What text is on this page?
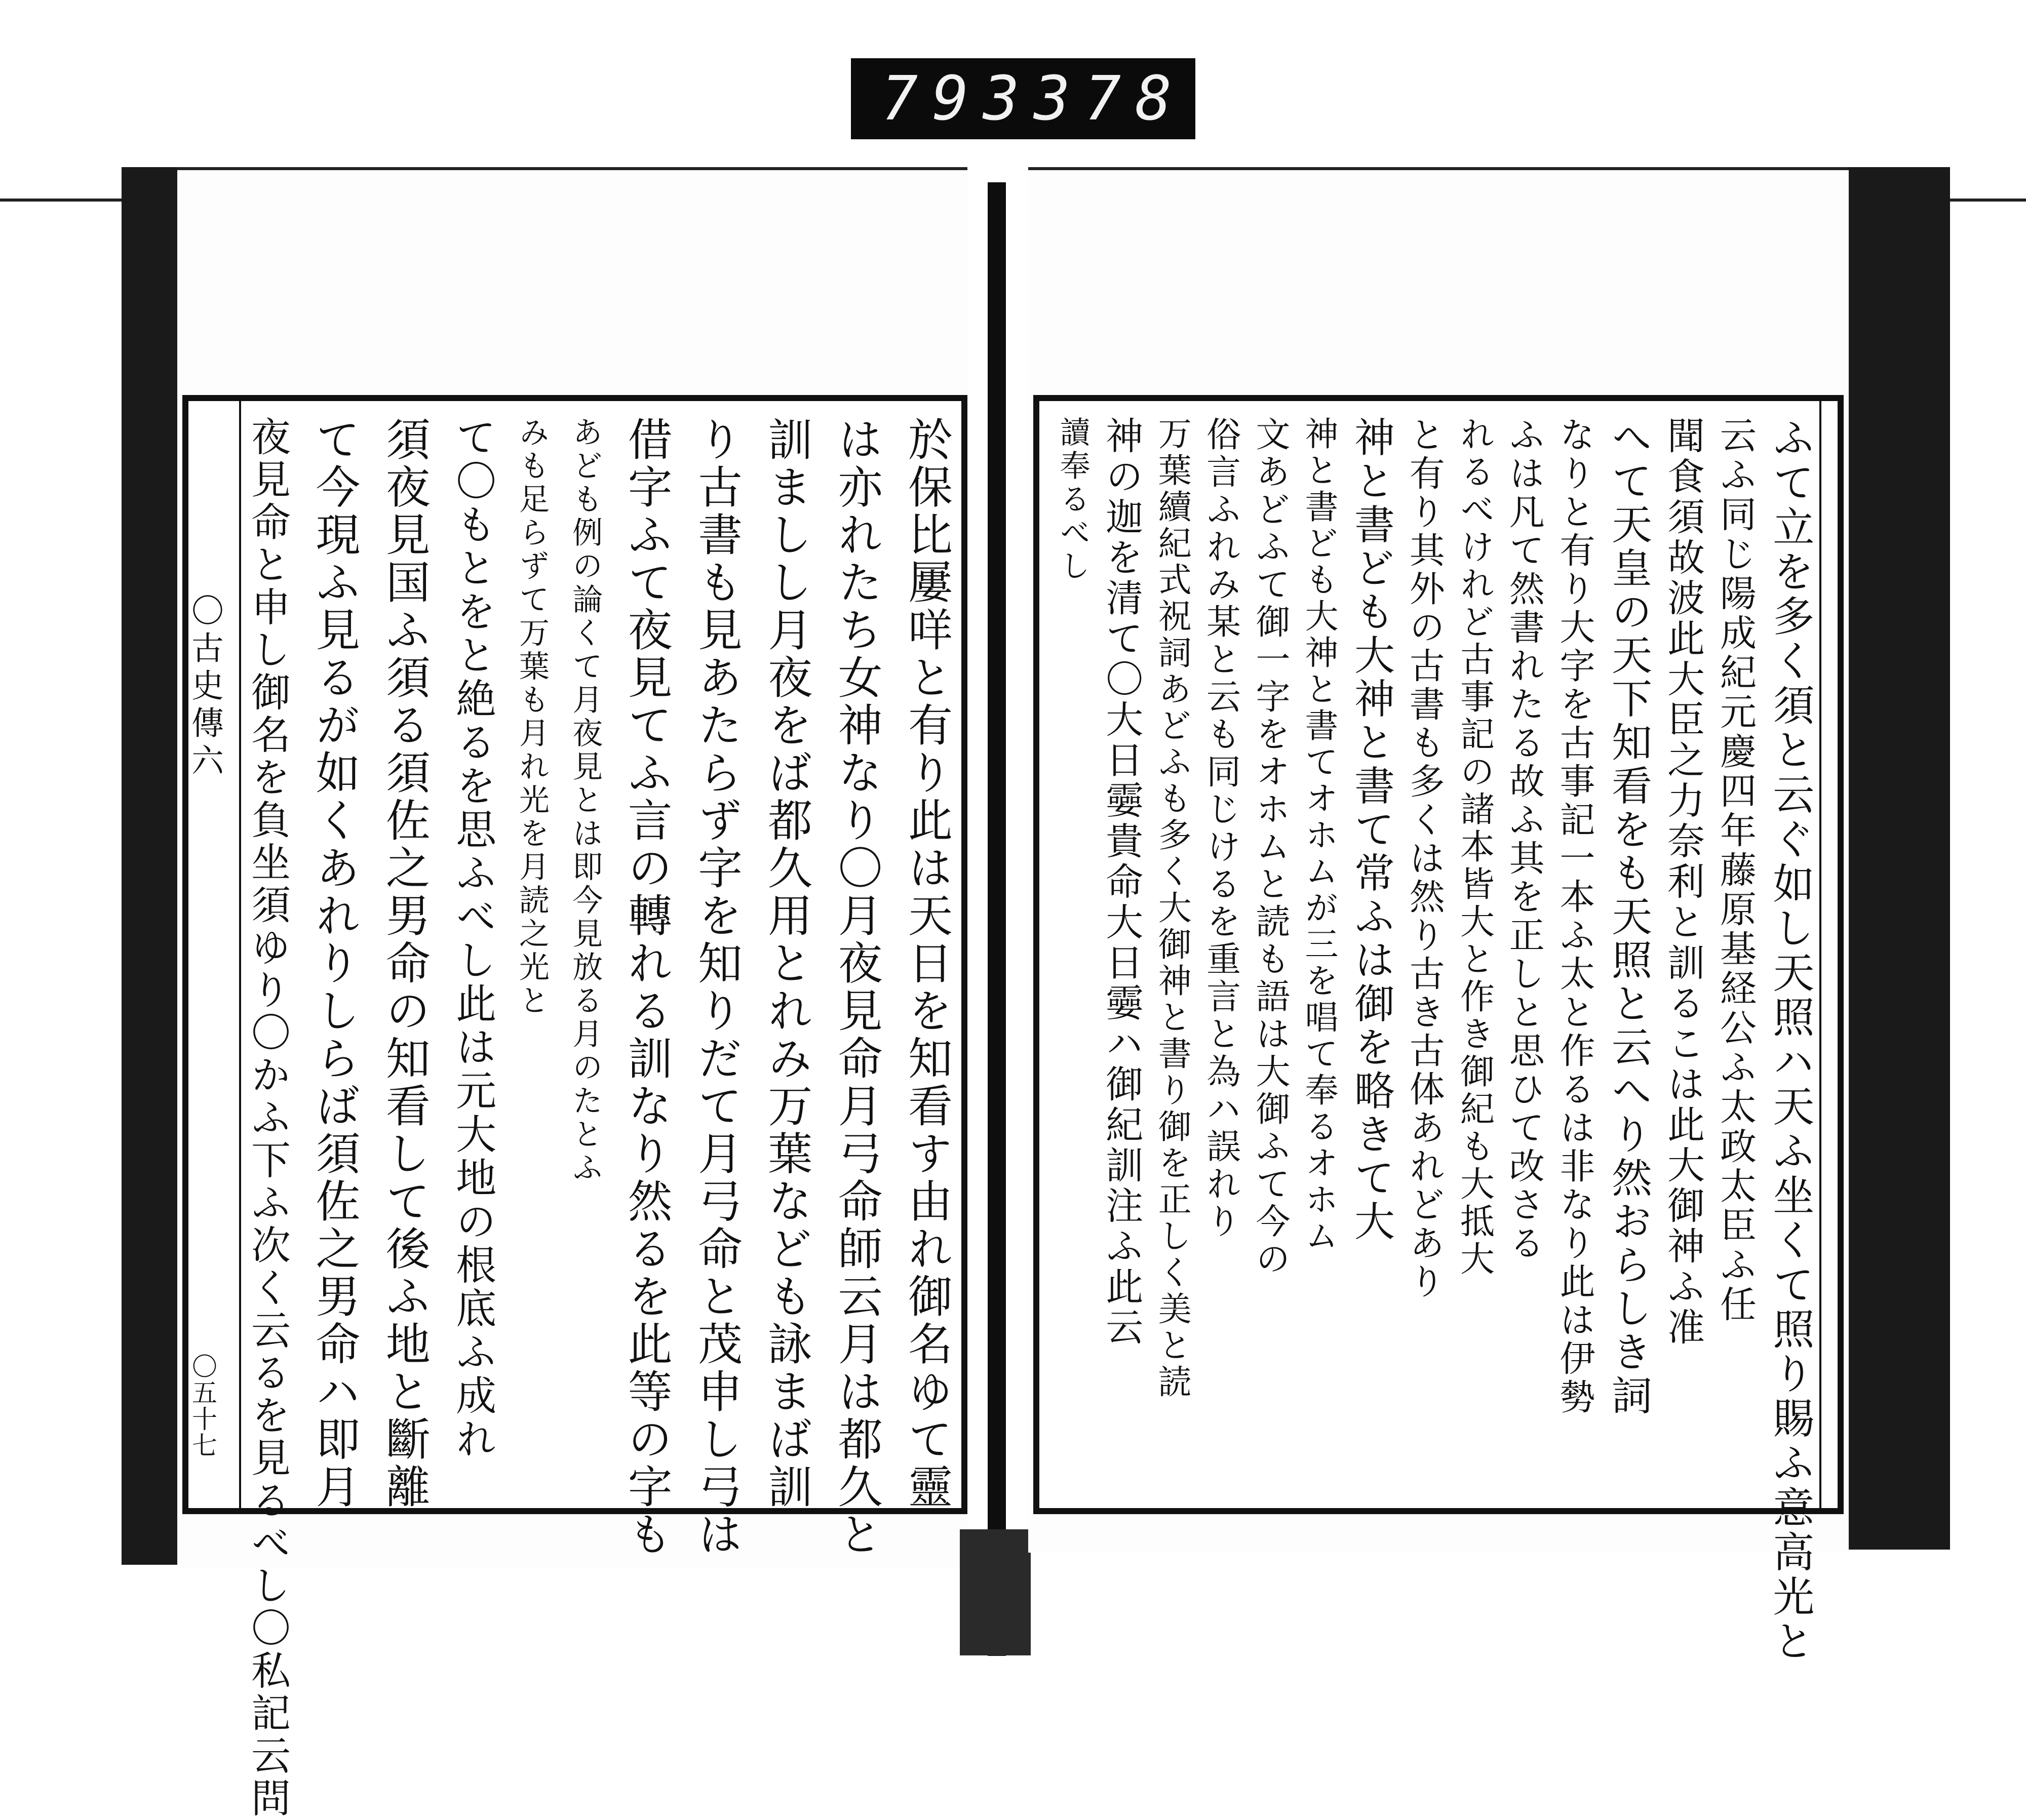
793 378
〇古史傳六
〇五十七	於保比屢咩と有り此は天日を知看す由れ御名ゆて靈
は亦れたち女神なり〇月夜見命月弓命師云月は都久と
訓ましし月夜をば都久用とれみ万葉なども詠まば訓
り古書も見あたらず字を知りだて月弓命と茂申し弓は
借字ふて夜見てふ言の轉れる訓なり然るを此等の字も
あども例の論くて月夜見とは即今見放る月のたとふ
みも足らずて万葉も月れ光を月読之光と
て〇もとをと絶るを思ふべし此は元大地の根底ふ成れ
須夜見国ふ須る須佐之男命の知看して後ふ地と斷離
て今現ふ見るが如くあれりしらば須佐之男命ハ即月
夜見命と申し御名を負坐須ゆり〇かふ下ふ次く云るを見るべし〇私記云問	ふて立を多く須と云ぐ如し天照ハ天ふ坐くて照り賜ふ意高光と
云ふ同じ陽成紀元慶四年藤原基経公ふ太政太臣ふ任
聞食須故波此大臣之力奈利と訓るこは此大御神ふ准
へて天皇の天下知看をも天照と云へり然おらしき詞
なりと有り大字を古事記一本ふ太と作るは非なり此は伊勢
ふは凡て然書れたる故ふ其を正しと思ひて改さる
れるべけれど古事記の諸本皆大と作き御紀も大抵大
と有り其外の古書も多くは然り古き古体あれどあり
神と書ども大神と書て常ふは御を略きて大
神と書ども大神と書てオホムが三を唱て奉るオホム
文あどふて御一字をオホムと読も語は大御ふて今の
俗言ふれみ某と云も同じけるを重言と為ハ誤れり
万葉續紀式祝詞あどふも多く大御神と書り御を正しく美と読
神の迦を清て〇大日孁貴命大日孁ハ御紀訓注ふ此云
讀奉るべし
